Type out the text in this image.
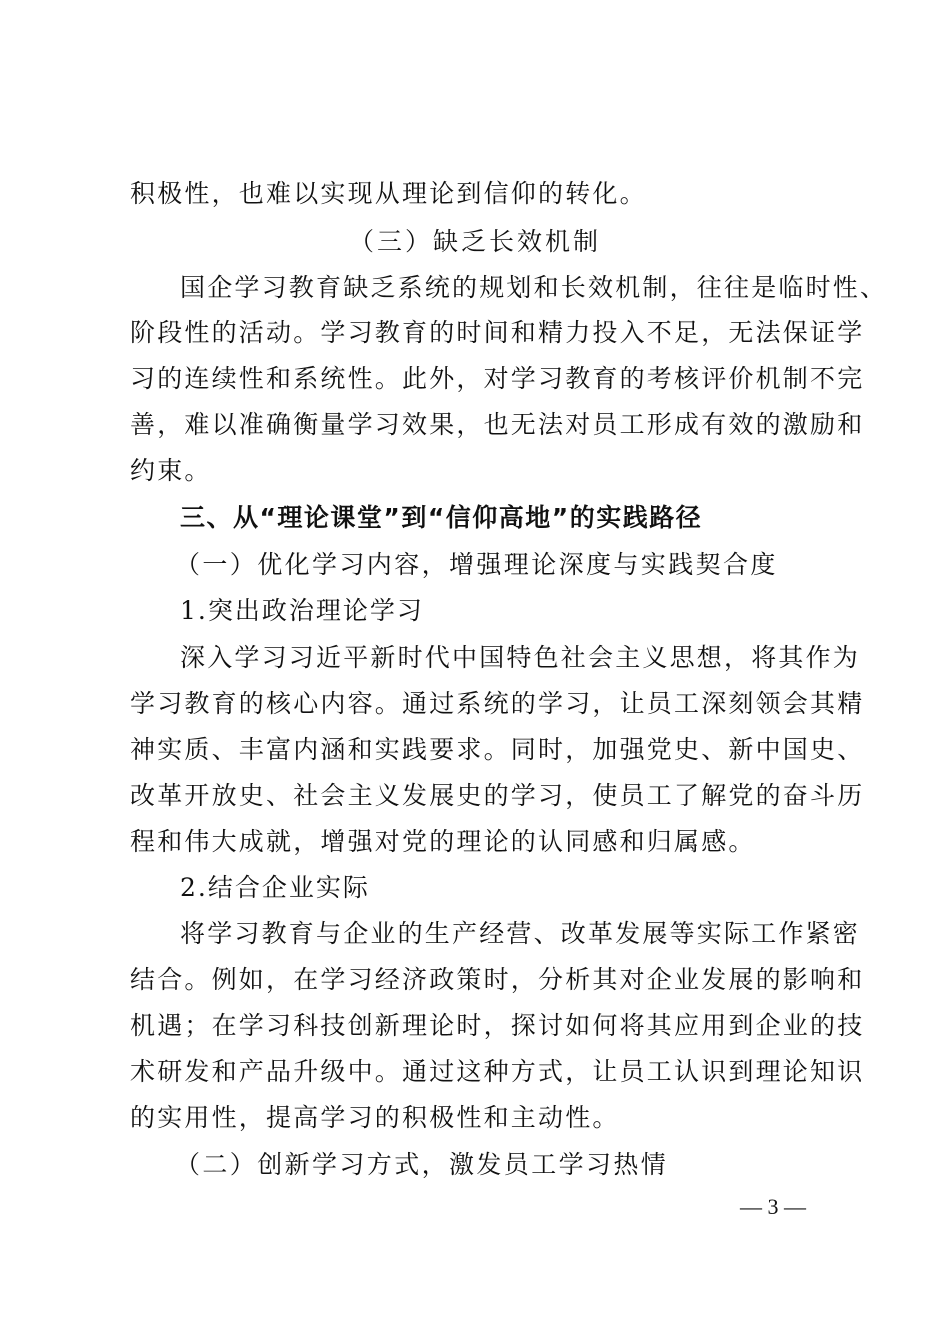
积极性，也难以实现从理论到信仰的转化。
（三）缺乏长效机制
国企学习教育缺乏系统的规划和长效机制，往往是临时性、
阶段性的活动。学习教育的时间和精力投入不足，无法保证学
习的连续性和系统性。此外，对学习教育的考核评价机制不完
善，难以准确衡量学习效果，也无法对员工形成有效的激励和
约束。
三、从“理论课堂”到“信仰高地”的实践路径
（一）优化学习内容，增强理论深度与实践契合度
1.突出政治理论学习
深入学习习近平新时代中国特色社会主义思想，将其作为
学习教育的核心内容。通过系统的学习，让员工深刻领会其精
神实质、丰富内涵和实践要求。同时，加强党史、新中国史、
改革开放史、社会主义发展史的学习，使员工了解党的奋斗历
程和伟大成就，增强对党的理论的认同感和归属感。
2.结合企业实际
将学习教育与企业的生产经营、改革发展等实际工作紧密
结合。例如，在学习经济政策时，分析其对企业发展的影响和
机遇；在学习科技创新理论时，探讨如何将其应用到企业的技
术研发和产品升级中。通过这种方式，让员工认识到理论知识
的实用性，提高学习的积极性和主动性。
（二）创新学习方式，激发员工学习热情
— 3 —
